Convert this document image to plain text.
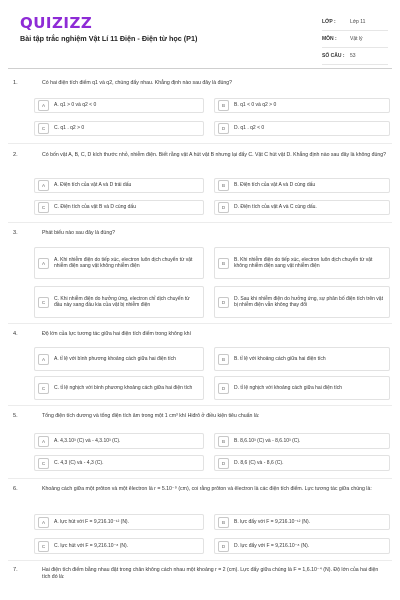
QUIZIZZ
Bài tập trắc nghiệm Vật Lí 11 Điện - Điện từ học (P1)
LỚP :	Lớp 11
MÔN :	Vật lý
SỐ CÂU :	53
1.	Có hai điện tích điểm q1 và q2, chúng đẩy nhau. Khẳng định nào sau đây là đúng?
A	A. q1 > 0 và q2 < 0	B	B. q1 < 0 và q2 > 0
C	C. q1 . q2 > 0	D	D. q1 . q2 < 0
2.	Có bốn vật A, B, C, D kích thước nhỏ, nhiễm điện. Biết rằng vật A hút vật B nhưng lại đẩy C. Vật C hút vật D. Khẳng định nào sau đây là không đúng?
A	A. Điện tích của vật A và D trái dấu	B	B. Điện tích của vật A và D cùng dấu
C	C. Điện tích của vật B và D cùng dấu	D	D. Điện tích của vật A và C cùng dấu.
3.	Phát biểu nào sau đây là đúng?
A
A. Khi nhiễm điện do tiếp xúc, electron luôn dịch chuyển từ vật nhiễm điện sang vật không nhiễm điện	B
B. Khi nhiễm điện do tiếp xúc, electron luôn dịch chuyển từ vật không nhiễm điện sang vật nhiễm điện
C
C. Khi nhiễm điện do hưởng ứng, electron chỉ dịch chuyển từ đầu này sang đầu kia của vật bị nhiễm điện	D
D. Sau khi nhiễm điện do hưởng ứng, sự phân bố điện tích trên vật bị nhiễm điện vẫn không thay đổi
4.	Độ lớn của lực tương tác giữa hai điện tích điểm trong không khí
A	A. tỉ lệ với bình phương khoảng cách giữa hai điện tích	B	B. tỉ lệ với khoảng cách giữa hai điện tích
C	C. tỉ lệ nghịch với bình phương khoảng cách giữa hai điện tích	D	D. tỉ lệ nghịch với khoảng cách giữa hai điện tích
5.	Tổng điện tích dương và tổng điện tích âm trong một 1 cm³ khí Hiđrô ở điều kiện tiêu chuẩn là:
A	A. 4,3.10³ (C) và - 4,3.10³ (C).	B	B. 8,6.10³ (C) và - 8,6.10³ (C).
C	C. 4,3 (C) và - 4,3 (C).	D	D. 8,6 (C) và - 8,6 (C).
6.	Khoảng cách giữa một prôton và một êlectron là r = 5.10⁻⁹ (cm), coi rằng prôton và êlectron là các điện tích điểm. Lực tương tác giữa chúng là:
A	A. lực hút với F = 9,216.10⁻¹² (N).	B	B. lực đẩy với F = 9,216.10⁻¹² (N).
C	C. lực hút với F = 9,216.10⁻⁸ (N).	D	D. lực đẩy với F = 9,216.10⁻⁸ (N).
7.	Hai điện tích điểm bằng nhau đặt trong chân không cách nhau một khoảng r = 2 (cm). Lực đẩy giữa chúng là F = 1,6.10⁻⁴ (N). Độ lớn của hai điện tích đó là:
